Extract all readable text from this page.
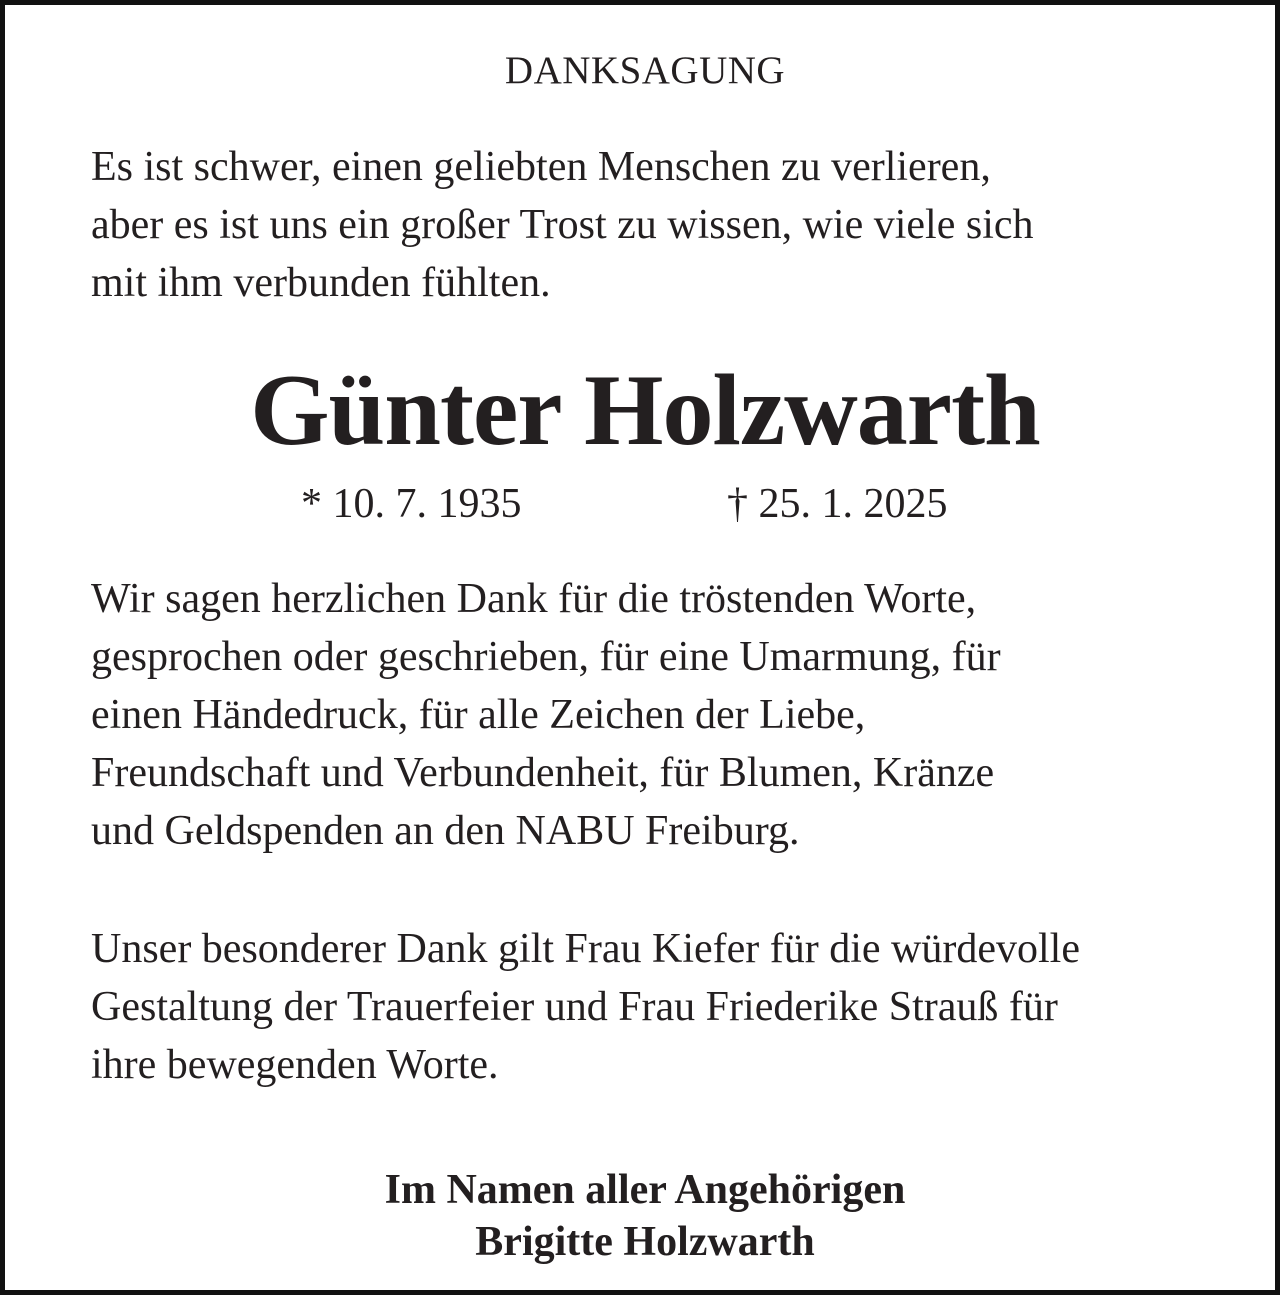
DANKSAGUNG

Es ist schwer, einen geliebten Menschen zu verlieren,
aber es ist uns ein großer Trost zu wissen, wie viele sich
mit ihm verbunden fühlten.

Günter Holzwarth
* 10. 7. 1935	† 25. 1. 2025

Wir sagen herzlichen Dank für die tröstenden Worte,
gesprochen oder geschrieben, für eine Umarmung, für
einen Händedruck, für alle Zeichen der Liebe,
Freundschaft und Verbundenheit, für Blumen, Kränze
und Geldspenden an den NABU Freiburg.

Unser besonderer Dank gilt Frau Kiefer für die würdevolle
Gestaltung der Trauerfeier und Frau Friederike Strauß für
ihre bewegenden Worte.

Im Namen aller Angehörigen
Brigitte Holzwarth
